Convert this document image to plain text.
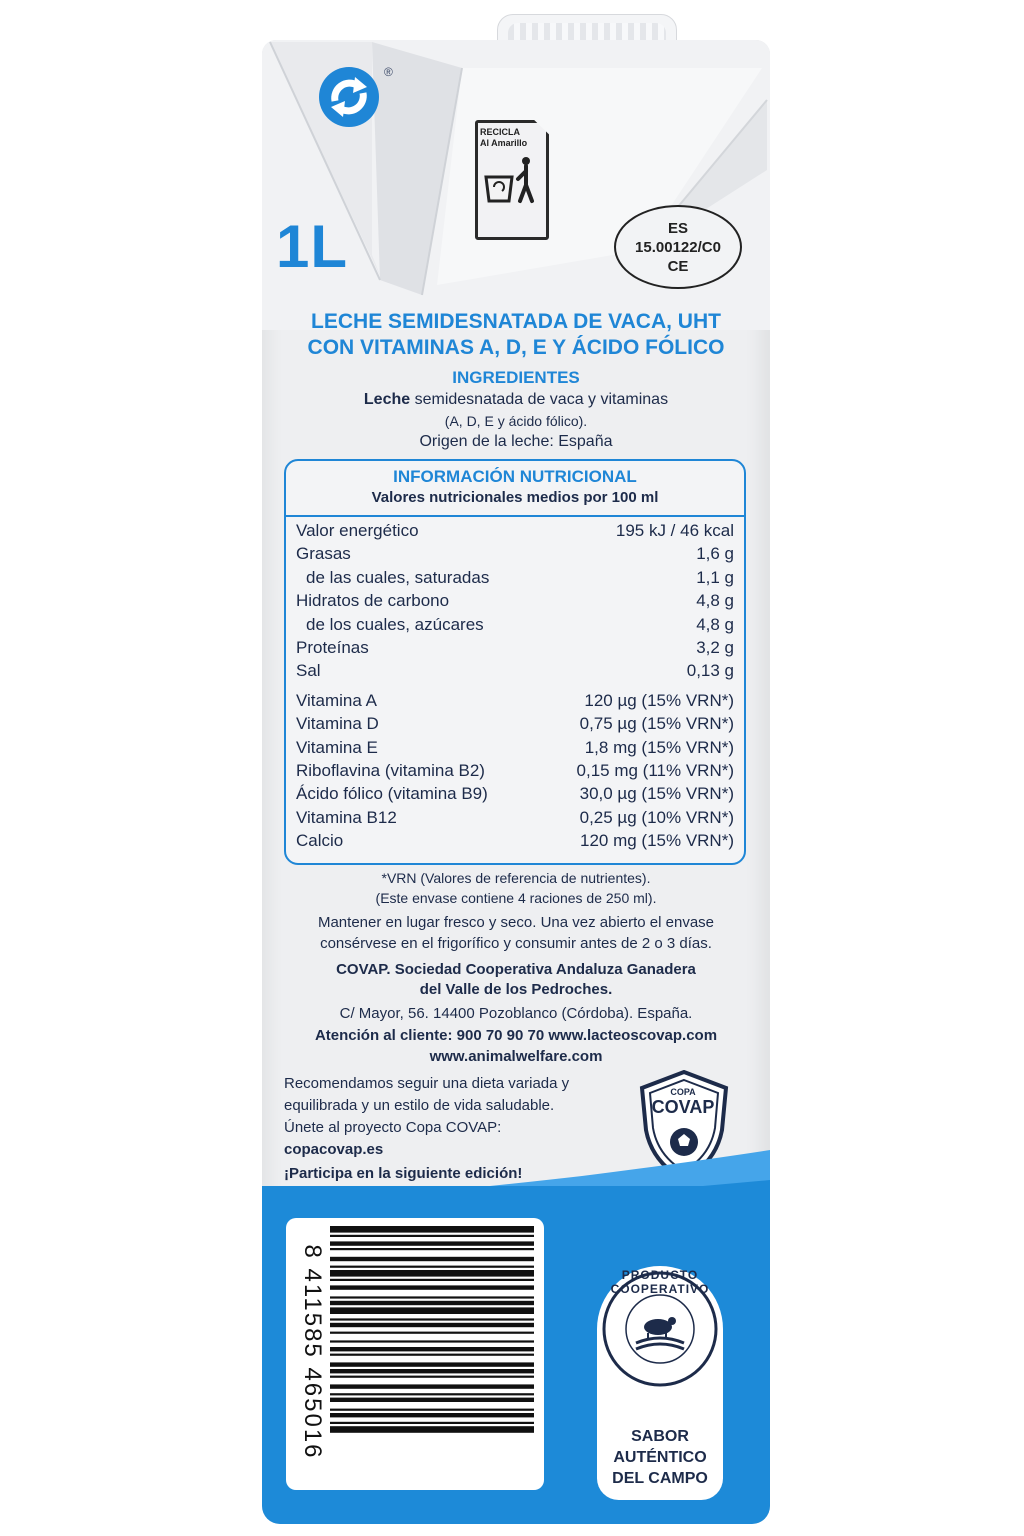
®
RECICLA
Al Amarillo
1L	ES
15.00122/C0
CE
LECHE SEMIDESNATADA DE VACA, UHT
CON VITAMINAS A, D, E Y ÁCIDO FÓLICO
INGREDIENTES
Leche semidesnatada de vaca y vitaminas
(A, D, E y ácido fólico).
Origen de la leche: España
INFORMACIÓN NUTRICIONAL
Valores nutricionales medios por 100 ml
Valor energético	195 kJ / 46 kcal
Grasas	1,6 g
de las cuales, saturadas	1,1 g
Hidratos de carbono	4,8 g
de los cuales, azúcares	4,8 g
Proteínas	3,2 g
Sal	0,13 g
Vitamina A	120 µg (15% VRN*)
Vitamina D	0,75 µg (15% VRN*)
Vitamina E	1,8 mg (15% VRN*)
Riboflavina (vitamina B2)	0,15 mg (11% VRN*)
Ácido fólico (vitamina B9)	30,0 µg (15% VRN*)
Vitamina B12	0,25 µg (10% VRN*)
Calcio	120 mg (15% VRN*)
*VRN (Valores de referencia de nutrientes).
(Este envase contiene 4 raciones de 250 ml).
Mantener en lugar fresco y seco. Una vez abierto el envase
consérvese en el frigorífico y consumir antes de 2 o 3 días.
COVAP. Sociedad Cooperativa Andaluza Ganadera
del Valle de los Pedroches.
C/ Mayor, 56. 14400 Pozoblanco (Córdoba). España.
Atención al cliente: 900 70 90 70 www.lacteoscovap.com
www.animalwelfare.com
Recomendamos seguir una dieta variada y
equilibrada y un estilo de vida saludable.
Únete al proyecto Copa COVAP:
copacovap.es
¡Participa en la siguiente edición!
COPA
COVAP
8 411585 465016	PRODUCTO COOPERATIVO
SABOR
AUTÉNTICO
DEL CAMPO
